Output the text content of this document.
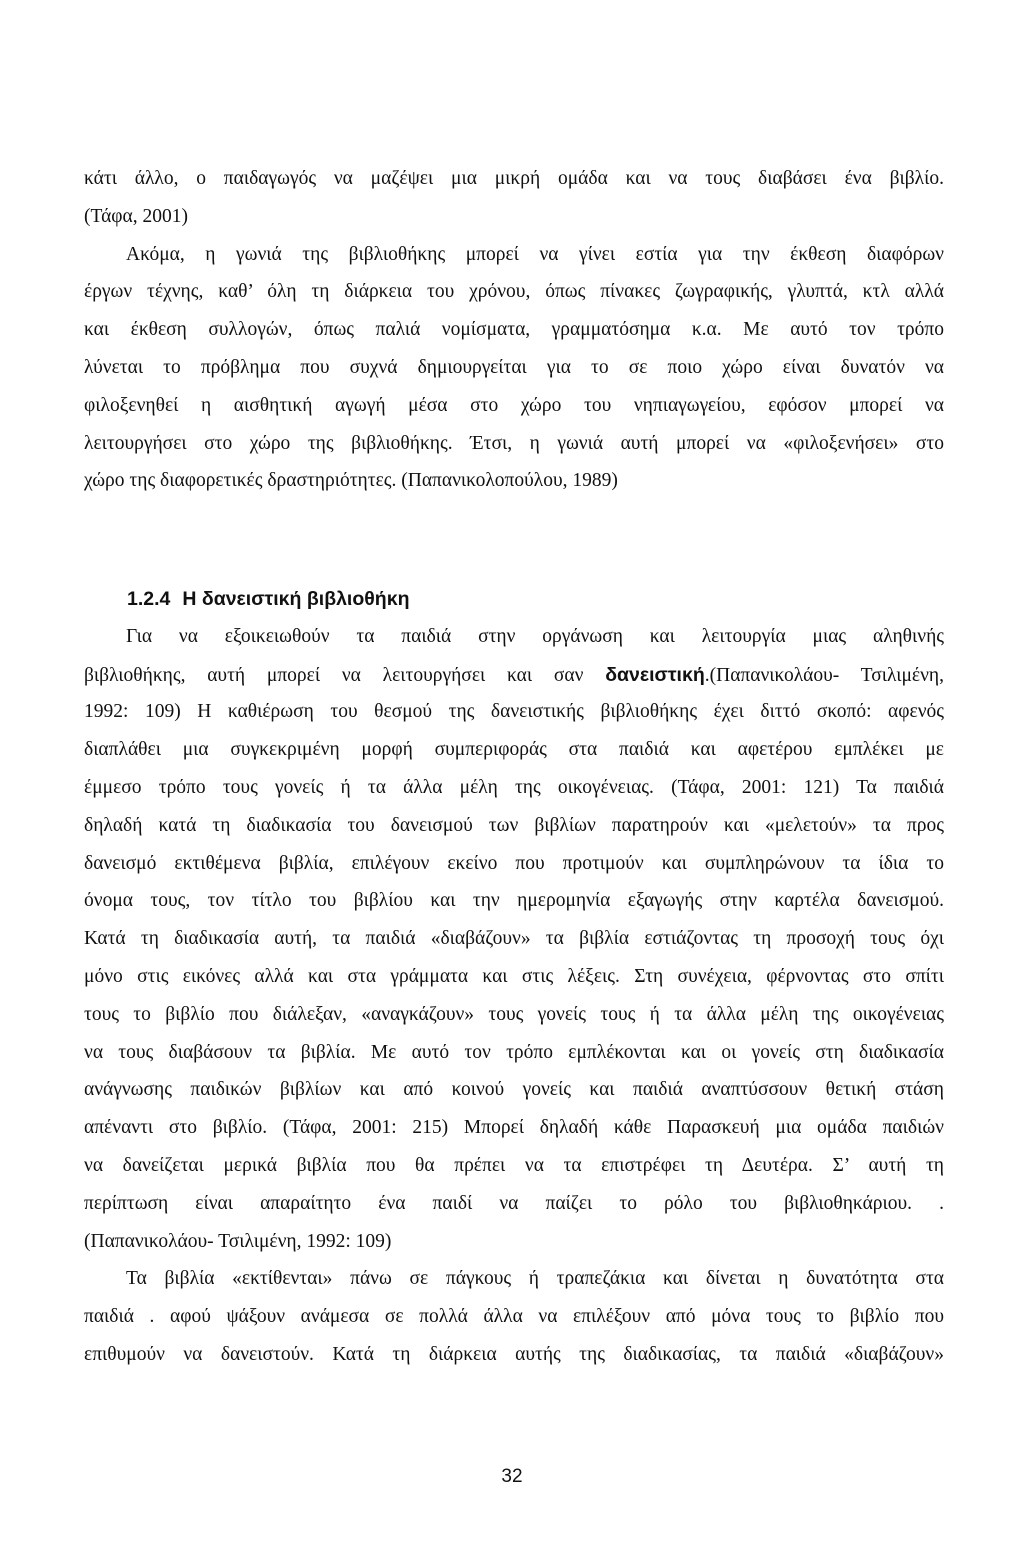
κάτι άλλο, ο παιδαγωγός να μαζέψει μια μικρή ομάδα και να τους διαβάσει ένα βιβλίο.
(Τάφα, 2001)
Ακόμα, η γωνιά της βιβλιοθήκης μπορεί να γίνει εστία για την έκθεση διαφόρων
έργων τέχνης, καθ’ όλη τη διάρκεια του χρόνου, όπως πίνακες ζωγραφικής, γλυπτά, κτλ αλλά
και έκθεση συλλογών, όπως παλιά νομίσματα, γραμματόσημα κ.α. Με αυτό τον τρόπο
λύνεται το πρόβλημα που συχνά δημιουργείται για το σε ποιο χώρο είναι δυνατόν να
φιλοξενηθεί η αισθητική αγωγή μέσα στο χώρο του νηπιαγωγείου, εφόσον μπορεί να
λειτουργήσει στο χώρο της βιβλιοθήκης. Έτσι, η γωνιά αυτή μπορεί να «φιλοξενήσει» στο
χώρο της διαφορετικές δραστηριότητες. (Παπανικολοπούλου, 1989)
1.2.4 Η δανειστική βιβλιοθήκη
Για να εξοικειωθούν τα παιδιά στην οργάνωση και λειτουργία μιας αληθινής
βιβλιοθήκης, αυτή μπορεί να λειτουργήσει και σαν δανειστική.(Παπανικολάου- Τσιλιμένη,
1992: 109) Η καθιέρωση του θεσμού της δανειστικής βιβλιοθήκης έχει διττό σκοπό: αφενός
διαπλάθει μια συγκεκριμένη μορφή συμπεριφοράς στα παιδιά και αφετέρου εμπλέκει με
έμμεσο τρόπο τους γονείς ή τα άλλα μέλη της οικογένειας. (Τάφα, 2001: 121) Τα παιδιά
δηλαδή κατά τη διαδικασία του δανεισμού των βιβλίων παρατηρούν και «μελετούν» τα προς
δανεισμό εκτιθέμενα βιβλία, επιλέγουν εκείνο που προτιμούν και συμπληρώνουν τα ίδια το
όνομα τους, τον τίτλο του βιβλίου και την ημερομηνία εξαγωγής στην καρτέλα δανεισμού.
Κατά τη διαδικασία αυτή, τα παιδιά «διαβάζουν» τα βιβλία εστιάζοντας τη προσοχή τους όχι
μόνο στις εικόνες αλλά και στα γράμματα και στις λέξεις. Στη συνέχεια, φέρνοντας στο σπίτι
τους το βιβλίο που διάλεξαν, «αναγκάζουν» τους γονείς τους ή τα άλλα μέλη της οικογένειας
να τους διαβάσουν τα βιβλία. Με αυτό τον τρόπο εμπλέκονται και οι γονείς στη διαδικασία
ανάγνωσης παιδικών βιβλίων και από κοινού γονείς και παιδιά αναπτύσσουν θετική στάση
απέναντι στο βιβλίο. (Τάφα, 2001: 215) Μπορεί δηλαδή κάθε Παρασκευή μια ομάδα παιδιών
να δανείζεται μερικά βιβλία που θα πρέπει να τα επιστρέφει τη Δευτέρα. Σ’ αυτή τη
περίπτωση είναι απαραίτητο ένα παιδί να παίζει το ρόλο του βιβλιοθηκάριου. .
(Παπανικολάου- Τσιλιμένη, 1992: 109)
Τα βιβλία «εκτίθενται» πάνω σε πάγκους ή τραπεζάκια και δίνεται η δυνατότητα στα
παιδιά . αφού ψάξουν ανάμεσα σε πολλά άλλα να επιλέξουν από μόνα τους το βιβλίο που
επιθυμούν να δανειστούν. Κατά τη διάρκεια αυτής της διαδικασίας, τα παιδιά «διαβάζουν»
32
